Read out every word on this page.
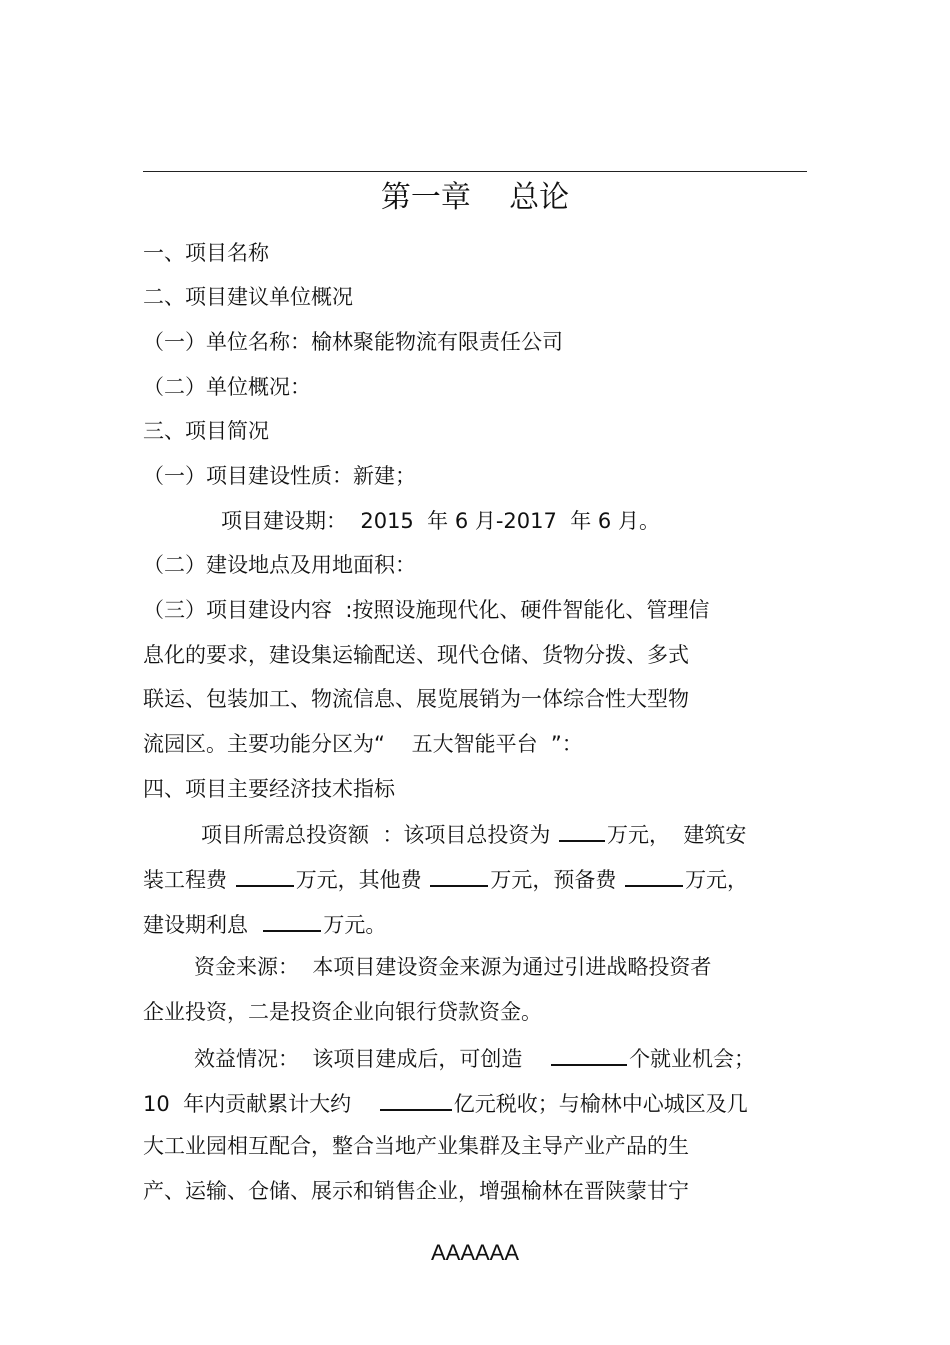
第一章    总论
一、项目名称
二、项目建议单位概况
（一）单位名称：榆林聚能物流有限责任公司
（二）单位概况：
三、项目简况
（一）项目建设性质：新建；
项目建设期：  2015  年 6 月-2017  年 6 月。
（二）建设地点及用地面积：
（三）项目建设内容  :按照设施现代化、硬件智能化、管理信
息化的要求，建设集运输配送、现代仓储、货物分拨、多式
联运、包装加工、物流信息、展览展销为一体综合性大型物
流园区。主要功能分区为“    五大智能平台  ”：
四、项目主要经济技术指标
项目所需总投资额  ：该项目总投资为 万元，  建筑安
装工程费	万元，其他费	万元，预备费	万元，
建设期利息	万元。
资金来源：  本项目建设资金来源为通过引进战略投资者
企业投资，二是投资企业向银行贷款资金。
效益情况：  该项目建成后，可创造	个就业机会；
10  年内贡献累计大约	亿元税收；与榆林中心城区及几
大工业园相互配合，整合当地产业集群及主导产业产品的生
产、运输、仓储、展示和销售企业，增强榆林在晋陕蒙甘宁
AAAAAA
